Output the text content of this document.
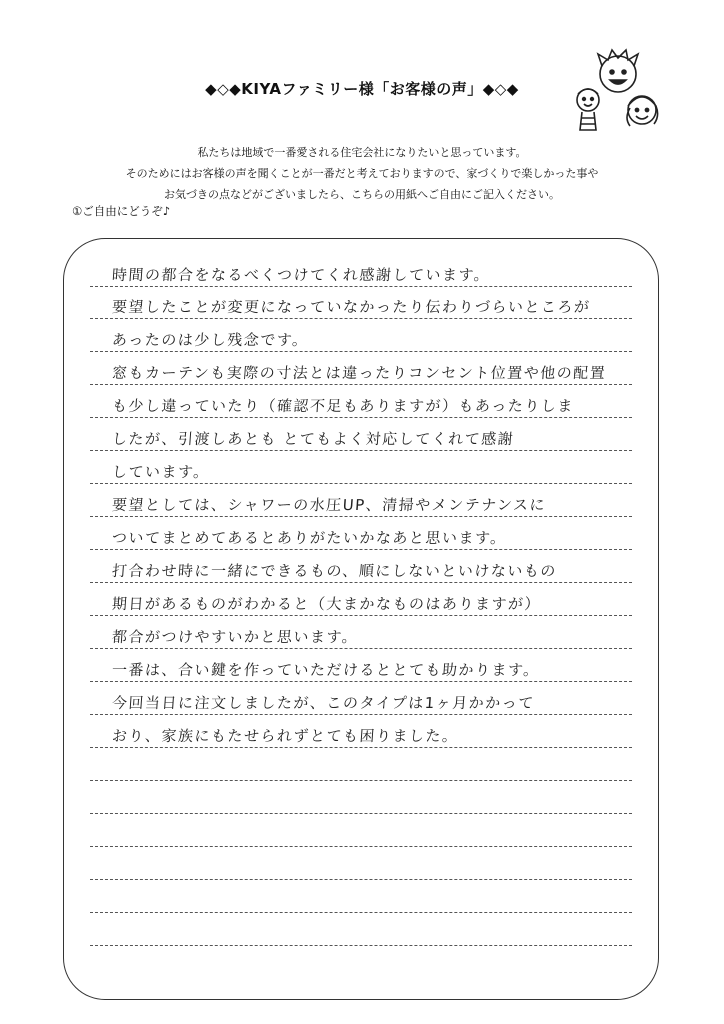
◆◇◆KIYAファミリー様「お客様の声」◆◇◆
私たちは地域で一番愛される住宅会社になりたいと思っています。
そのためにはお客様の声を聞くことが一番だと考えておりますので、家づくりで楽しかった事や
お気づきの点などがございましたら、こちらの用紙へご自由にご記入ください。
①ご自由にどうぞ♪
時間の都合をなるべくつけてくれ感謝しています。
要望したことが変更になっていなかったり伝わりづらいところが
あったのは少し残念です。
窓もカーテンも実際の寸法とは違ったりコンセント位置や他の配置
も少し違っていたり（確認不足もありますが）もあったりしま
したが、引渡しあとも とてもよく対応してくれて感謝
しています。
要望としては、シャワーの水圧UP、清掃やメンテナンスに
ついてまとめてあるとありがたいかなあと思います。
打合わせ時に一緒にできるもの、順にしないといけないもの
期日があるものがわかると（大まかなものはありますが）
都合がつけやすいかと思います。
一番は、合い鍵を作っていただけるととても助かります。
今回当日に注文しましたが、このタイプは1ヶ月かかって
おり、家族にもたせられずとても困りました。
